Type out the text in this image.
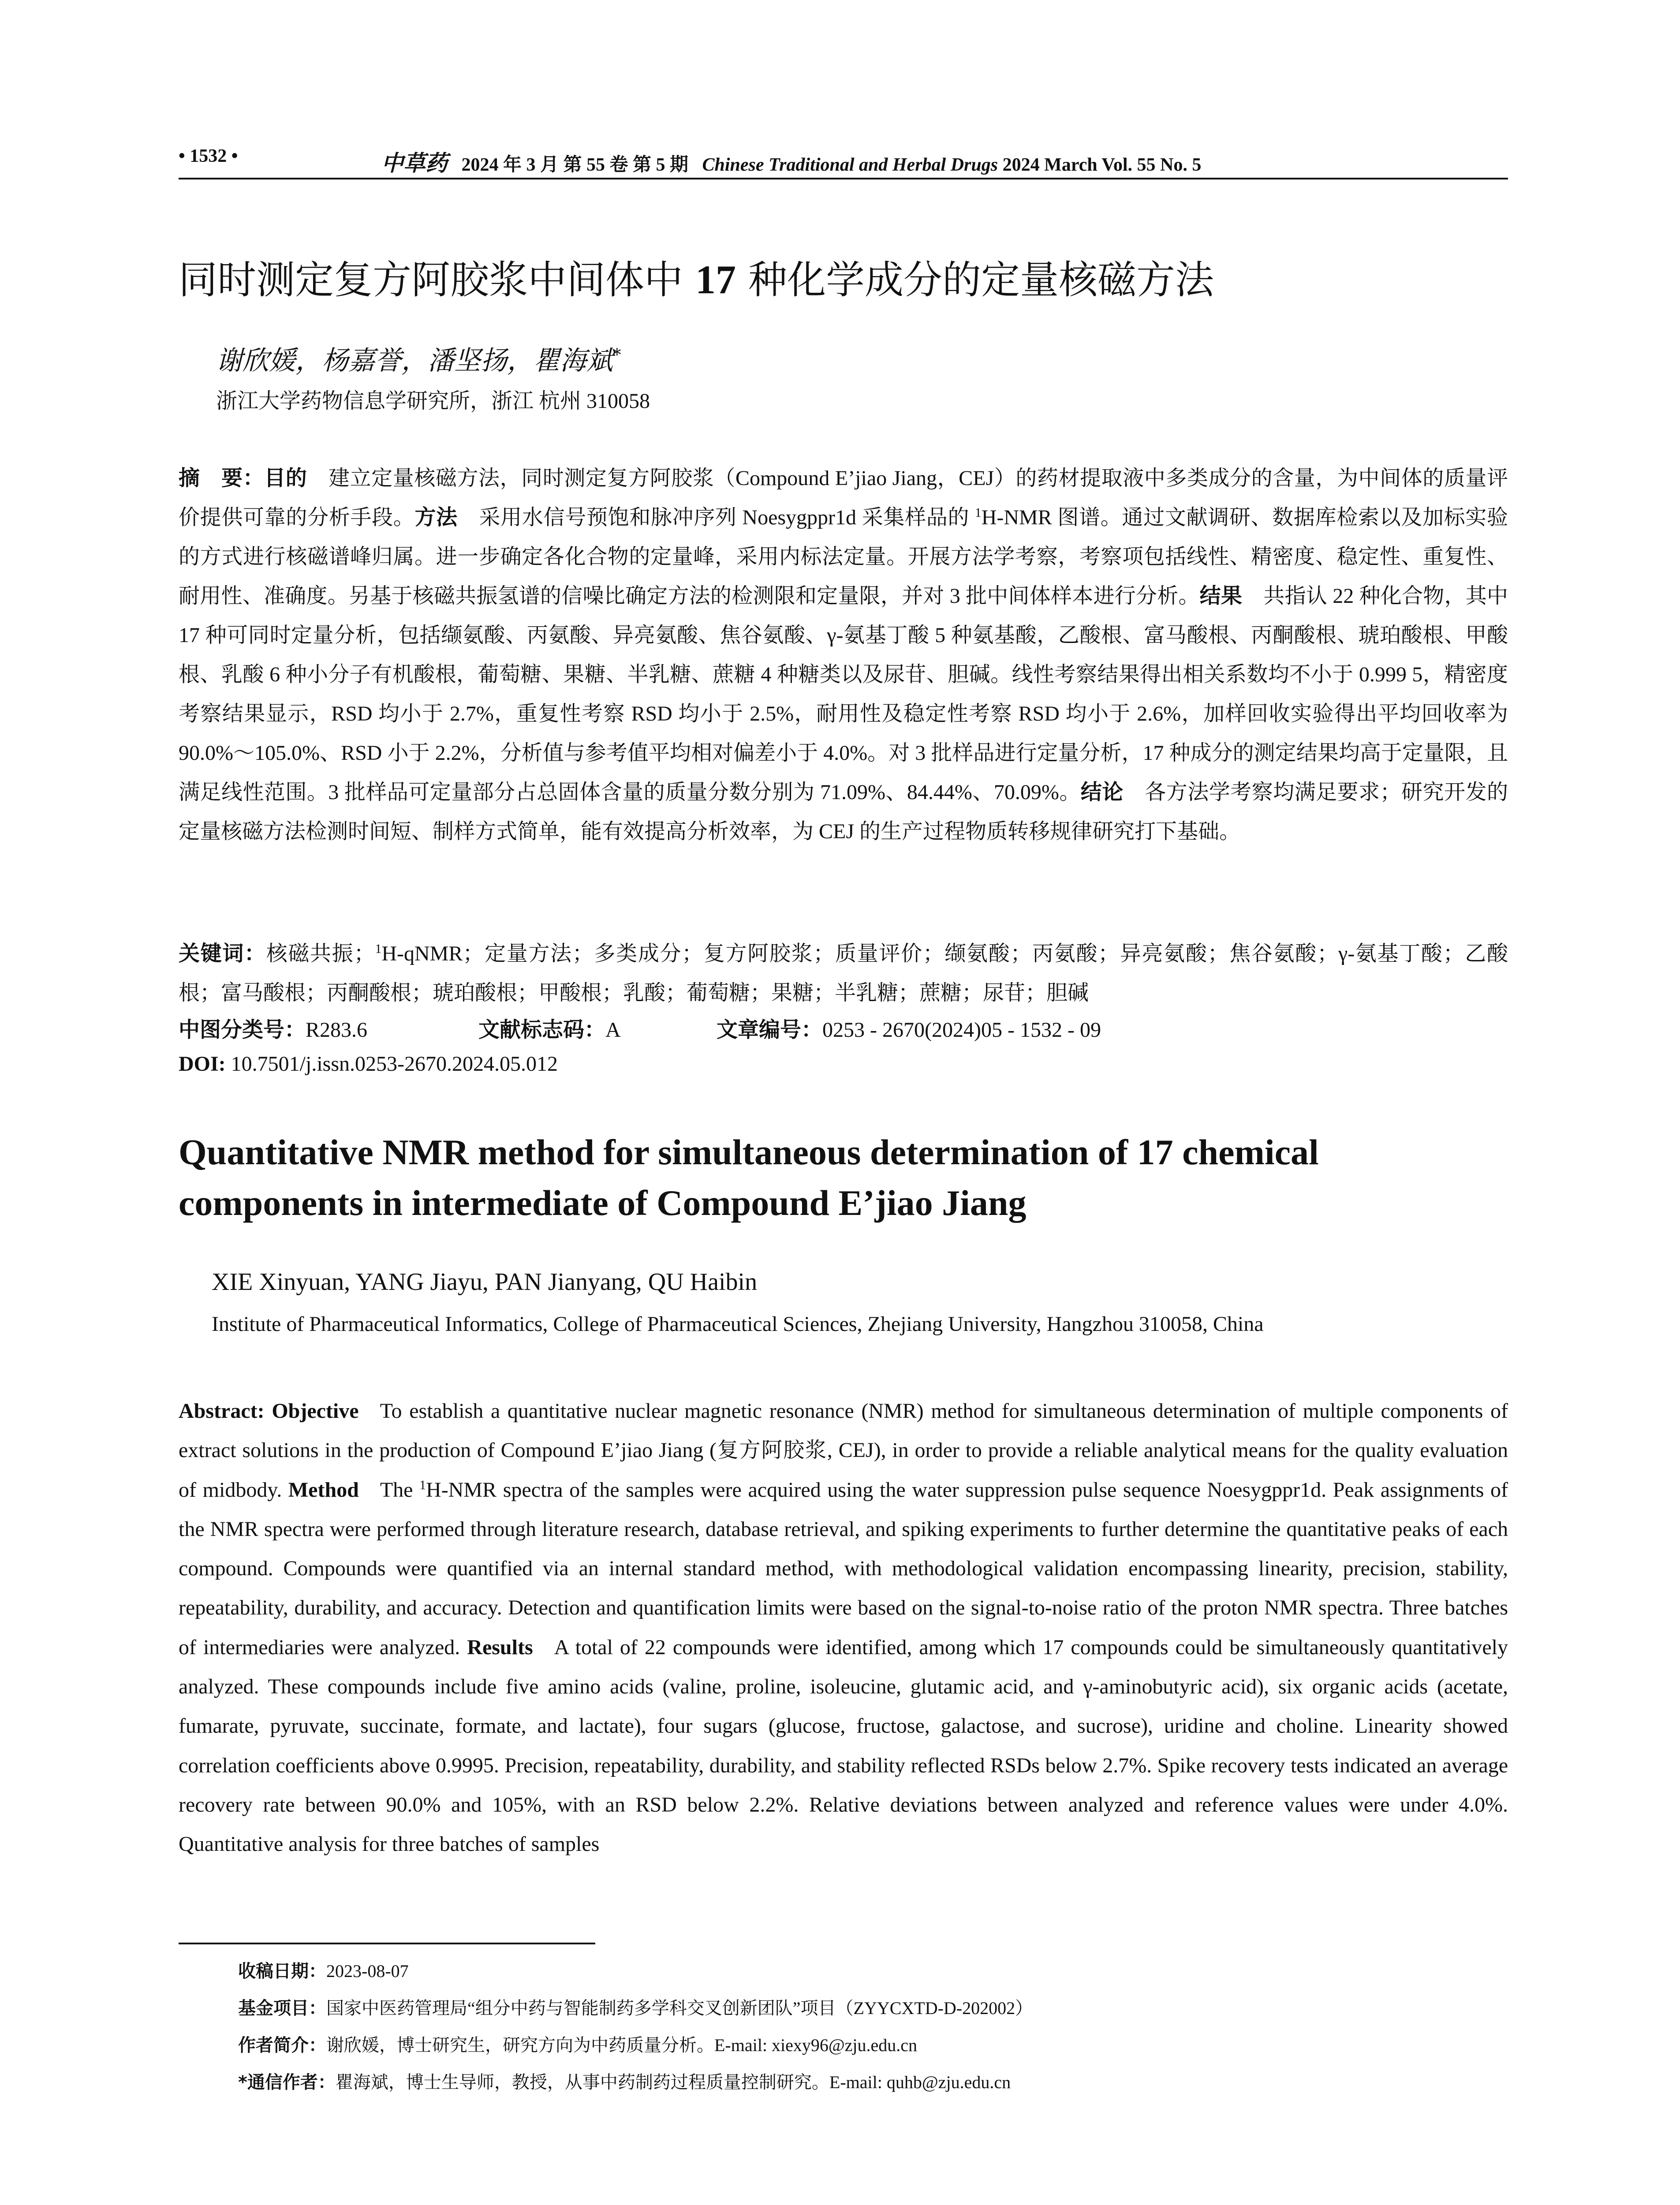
• 1532 •	中草药 2024 年 3 月 第 55 卷 第 5 期 Chinese Traditional and Herbal Drugs 2024 March Vol. 55 No. 5
同时测定复方阿胶浆中间体中 17 种化学成分的定量核磁方法
谢欣媛，杨嘉誉，潘坚扬，瞿海斌*
浙江大学药物信息学研究所，浙江 杭州 310058
摘　要：目的  建立定量核磁方法，同时测定复方阿胶浆（Compound E’jiao Jiang，CEJ）的药材提取液中多类成分的含量，为中间体的质量评价提供可靠的分析手段。方法  采用水信号预饱和脉冲序列 Noesygppr1d 采集样品的 $^1$H-NMR 图谱。通过文献调研、数据库检索以及加标实验的方式进行核磁谱峰归属。进一步确定各化合物的定量峰，采用内标法定量。开展方法学考察，考察项包括线性、精密度、稳定性、重复性、耐用性、准确度。另基于核磁共振氢谱的信噪比确定方法的检测限和定量限，并对 3 批中间体样本进行分析。结果  共指认 22 种化合物，其中 17 种可同时定量分析，包括缬氨酸、丙氨酸、异亮氨酸、焦谷氨酸、γ-氨基丁酸 5 种氨基酸，乙酸根、富马酸根、丙酮酸根、琥珀酸根、甲酸根、乳酸 6 种小分子有机酸根，葡萄糖、果糖、半乳糖、蔗糖 4 种糖类以及尿苷、胆碱。线性考察结果得出相关系数均不小于 0.999 5，精密度考察结果显示，RSD 均小于 2.7%，重复性考察 RSD 均小于 2.5%，耐用性及稳定性考察 RSD 均小于 2.6%，加样回收实验得出平均回收率为 90.0%～105.0%、RSD 小于 2.2%，分析值与参考值平均相对偏差小于 4.0%。对 3 批样品进行定量分析，17 种成分的测定结果均高于定量限，且满足线性范围。3 批样品可定量部分占总固体含量的质量分数分别为 71.09%、84.44%、70.09%。结论  各方法学考察均满足要求；研究开发的定量核磁方法检测时间短、制样方式简单，能有效提高分析效率，为 CEJ 的生产过程物质转移规律研究打下基础。
关键词：核磁共振；$^1$H-qNMR；定量方法；多类成分；复方阿胶浆；质量评价；缬氨酸；丙氨酸；异亮氨酸；焦谷氨酸；γ-氨基丁酸；乙酸根；富马酸根；丙酮酸根；琥珀酸根；甲酸根；乳酸；葡萄糖；果糖；半乳糖；蔗糖；尿苷；胆碱
中图分类号：R283.6	文献标志码：A	文章编号：0253 - 2670(2024)05 - 1532 - 09
DOI: 10.7501/j.issn.0253-2670.2024.05.012
Quantitative NMR method for simultaneous determination of 17 chemical components in intermediate of Compound E’jiao Jiang
XIE Xinyuan, YANG Jiayu, PAN Jianyang, QU Haibin
Institute of Pharmaceutical Informatics, College of Pharmaceutical Sciences, Zhejiang University, Hangzhou 310058, China
Abstract: Objective  To establish a quantitative nuclear magnetic resonance (NMR) method for simultaneous determination of multiple components of extract solutions in the production of Compound E’jiao Jiang (复方阿胶浆, CEJ), in order to provide a reliable analytical means for the quality evaluation of midbody. Method  The $^1$H-NMR spectra of the samples were acquired using the water suppression pulse sequence Noesygppr1d. Peak assignments of the NMR spectra were performed through literature research, database retrieval, and spiking experiments to further determine the quantitative peaks of each compound. Compounds were quantified via an internal standard method, with methodological validation encompassing linearity, precision, stability, repeatability, durability, and accuracy. Detection and quantification limits were based on the signal-to-noise ratio of the proton NMR spectra. Three batches of intermediaries were analyzed. Results  A total of 22 compounds were identified, among which 17 compounds could be simultaneously quantitatively analyzed. These compounds include five amino acids (valine, proline, isoleucine, glutamic acid, and γ-aminobutyric acid), six organic acids (acetate, fumarate, pyruvate, succinate, formate, and lactate), four sugars (glucose, fructose, galactose, and sucrose), uridine and choline. Linearity showed correlation coefficients above 0.9995. Precision, repeatability, durability, and stability reflected RSDs below 2.7%. Spike recovery tests indicated an average recovery rate between 90.0% and 105%, with an RSD below 2.2%. Relative deviations between analyzed and reference values were under 4.0%. Quantitative analysis for three batches of samples
收稿日期：2023-08-07
基金项目：国家中医药管理局“组分中药与智能制药多学科交叉创新团队”项目（ZYYCXTD-D-202002）
作者简介：谢欣媛，博士研究生，研究方向为中药质量分析。E-mail: xiexy96@zju.edu.cn
*通信作者：瞿海斌，博士生导师，教授，从事中药制药过程质量控制研究。E-mail: quhb@zju.edu.cn
